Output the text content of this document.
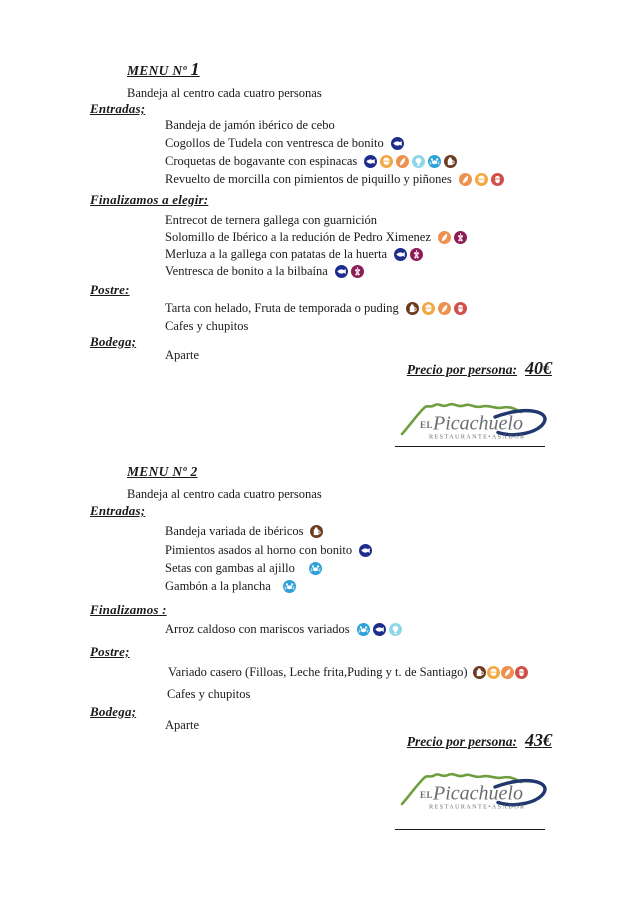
MENU Nº 1
Bandeja al centro cada cuatro personas
Entradas;
Bandeja de jamón ibérico de cebo
Cogollos de Tudela con ventresca de bonito
Croquetas de bogavante con espinacas
Revuelto de morcilla con pimientos de piquillo y piñones
Finalizamos a elegir:
Entrecot de ternera gallega con guarnición
Solomillo de Ibérico a la redución de Pedro Ximenez
Merluza a la gallega con patatas de la huerta
Ventresca de bonito a la bilbaína
Postre:
Tarta con helado, Fruta de temporada o puding
Cafes y chupitos
Bodega;
Aparte
Precio por persona: 40€
EL Picachuelo
RESTAURANTE•ASADOR
MENU Nº 2
Bandeja al centro cada cuatro personas
Entradas;
Bandeja variada de ibéricos
Pimientos asados al horno con bonito
Setas con gambas al ajillo
Gambón a la plancha
Finalizamos :
Arroz caldoso con mariscos variados
Postre;
Variado casero (Filloas, Leche frita,Puding y t. de Santiago)
Cafes y chupitos
Bodega;
Aparte
Precio por persona: 43€
EL Picachuelo
RESTAURANTE•ASADOR
